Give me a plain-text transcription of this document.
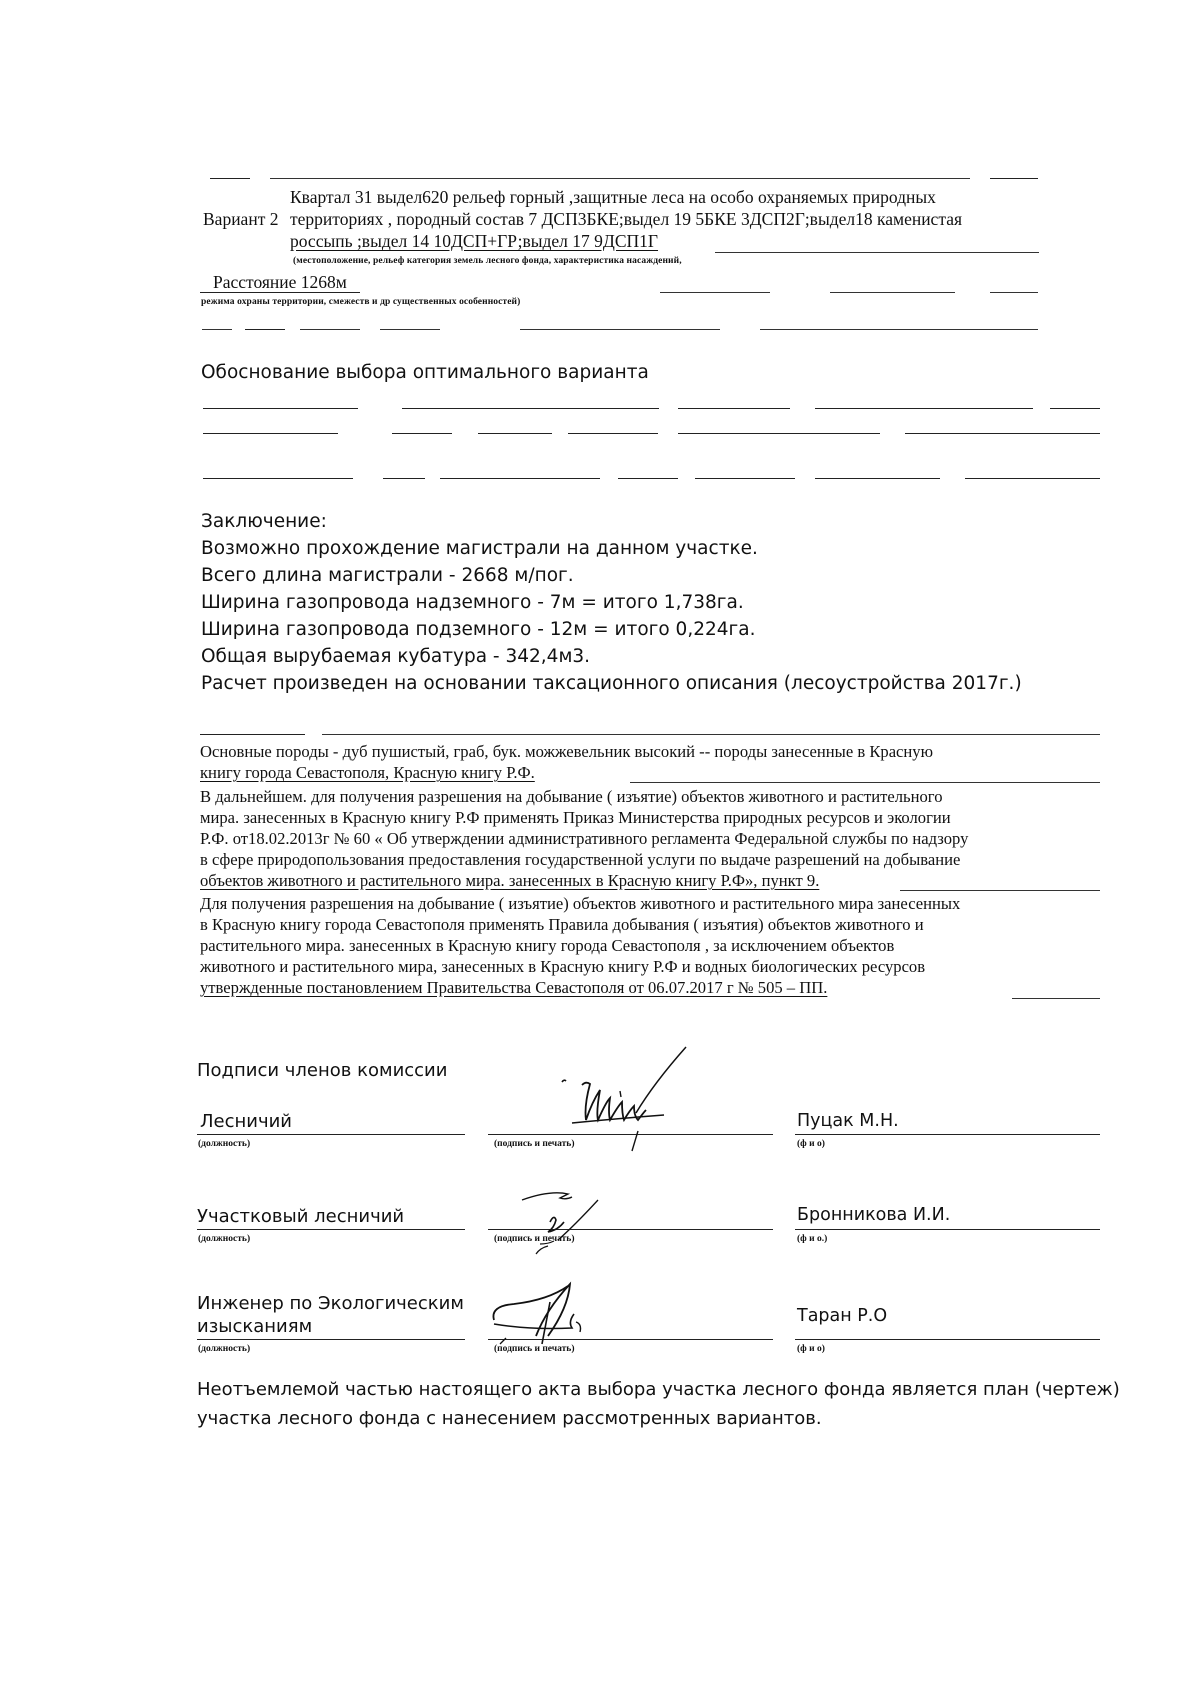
Квартал 31 выдел620 рельеф горный ,защитные леса на особо охраняемых природных
Вариант 2 территориях , породный состав 7 ДСП3БКЕ;выдел 19 5БКЕ 3ДСП2Г;выдел18 каменистая
россыпь ;выдел 14 10ДСП+ГР;выдел 17 9ДСП1Г
(местоположение, рельеф категория земель лесного фонда, характеристика насаждений,
Расстояние 1268м
режима охраны территории, смежеств и др существенных особенностей)
Обоснование выбора оптимального варианта
Заключение:
Возможно прохождение магистрали на данном участке.
Всего длина магистрали - 2668 м/пог.
Ширина газопровода надземного - 7м = итого 1,738га.
Ширина газопровода подземного - 12м = итого 0,224га.
Общая вырубаемая кубатура - 342,4м3.
Расчет произведен на основании таксационного описания (лесоустройства 2017г.)
Основные породы - дуб пушистый, граб, бук. можжевельник высокий -- породы занесенные в Красную
книгу города Севастополя, Красную книгу Р.Ф.
В дальнейшем. для получения разрешения на добывание ( изъятие) объектов животного и растительного
мира. занесенных в Красную книгу Р.Ф применять Приказ Министерства природных ресурсов и экологии
Р.Ф. от18.02.2013г № 60 « Об утверждении административного регламента Федеральной службы по надзору
в сфере природопользования предоставления государственной услуги по выдаче разрешений на добывание
объектов животного и растительного мира. занесенных в Красную книгу Р.Ф», пункт 9.
Для получения разрешения на добывание ( изъятие) объектов животного и растительного мира занесенных
в Красную книгу города Севастополя применять Правила добывания ( изъятия) объектов животного и
растительного мира. занесенных в Красную книгу города Севастополя , за исключением объектов
животного и растительного мира, занесенных в Красную книгу Р.Ф и водных биологических ресурсов
утвержденные постановлением Правительства Севастополя от 06.07.2017 г № 505 – ПП.
Подписи членов комиссии
Лесничий
(должность)	(подпись и печать)
Пуцак М.Н.
(ф и о)
Участковый лесничий
(должность)	(подпись и печать)
Бронникова И.И.
(ф и о.)
Инженер по Экологическим
изысканиям
(должность)	(подпись и печать)
Таран Р.О
(ф и о)
Неотъемлемой частью настоящего акта выбора участка лесного фонда является план (чертеж)
участка лесного фонда с нанесением рассмотренных вариантов.
